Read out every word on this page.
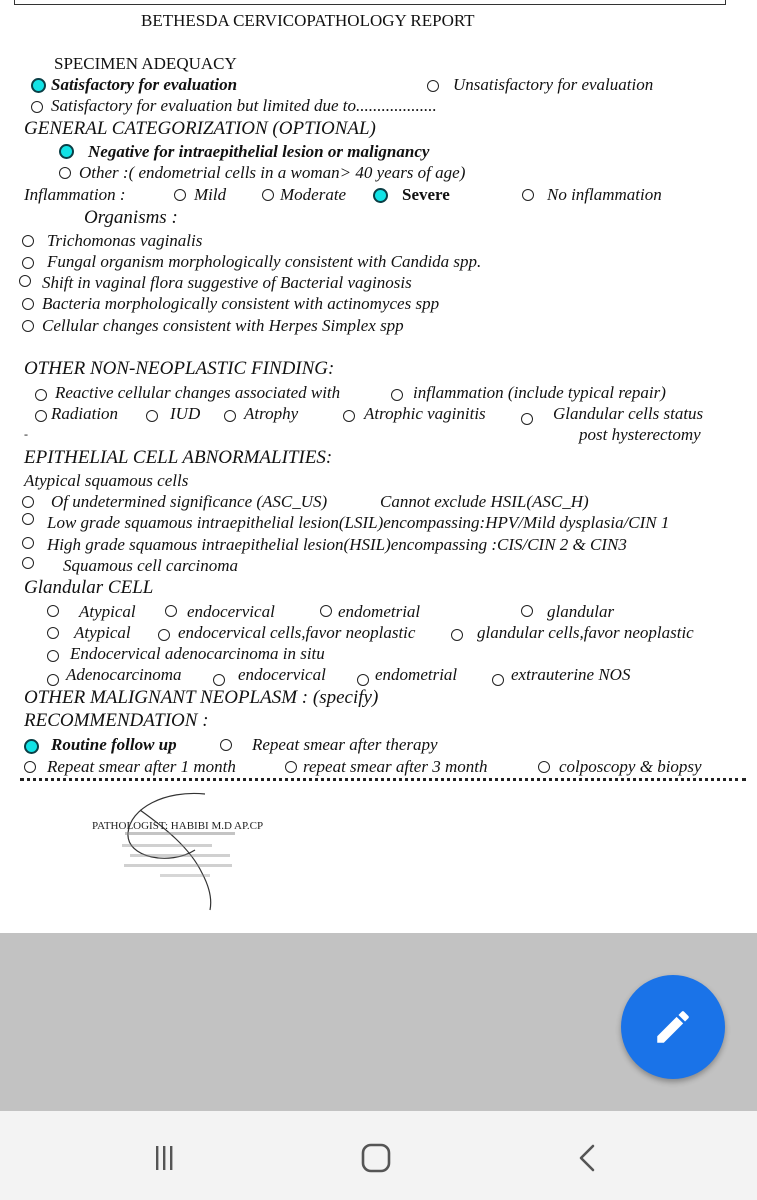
BETHESDA CERVICOPATHOLOGY REPORT
SPECIMEN ADEQUACY
Satisfactory for evaluation	Unsatisfactory for evaluation
Satisfactory for evaluation but limited due to...................
GENERAL CATEGORIZATION (OPTIONAL)
Negative for intraepithelial lesion or malignancy
Other :( endometrial cells in a woman> 40 years of age)
Inflammation :	Mild	Moderate	Severe	No inflammation
Organisms :
Trichomonas vaginalis
Fungal organism morphologically consistent with Candida spp.
Shift in vaginal flora suggestive of Bacterial vaginosis
Bacteria morphologically consistent with actinomyces spp
Cellular changes consistent with Herpes Simplex spp
OTHER NON-NEOPLASTIC FINDING:
Reactive cellular changes associated with	inflammation (include typical repair)
Radiation	IUD	Atrophy	Atrophic vaginitis	Glandular cells status
-	post hysterectomy
EPITHELIAL CELL ABNORMALITIES:
Atypical squamous cells
Of undetermined significance (ASC_US)	Cannot exclude HSIL(ASC_H)
Low grade squamous intraepithelial lesion(LSIL)encompassing:HPV/Mild dysplasia/CIN 1
High grade squamous intraepithelial lesion(HSIL)encompassing :CIS/CIN 2 & CIN3
Squamous cell carcinoma
Glandular CELL
Atypical	endocervical	endometrial	glandular
Atypical	endocervical cells,favor neoplastic	glandular cells,favor neoplastic
Endocervical adenocarcinoma in situ
Adenocarcinoma	endocervical	endometrial	extrauterine NOS
OTHER MALIGNANT NEOPLASM : (specify)
RECOMMENDATION :
Routine follow up	Repeat smear after therapy
Repeat smear after 1 month	repeat smear after 3 month	colposcopy & biopsy
PATHOLOGIST: HABIBI M.D AP.CP
